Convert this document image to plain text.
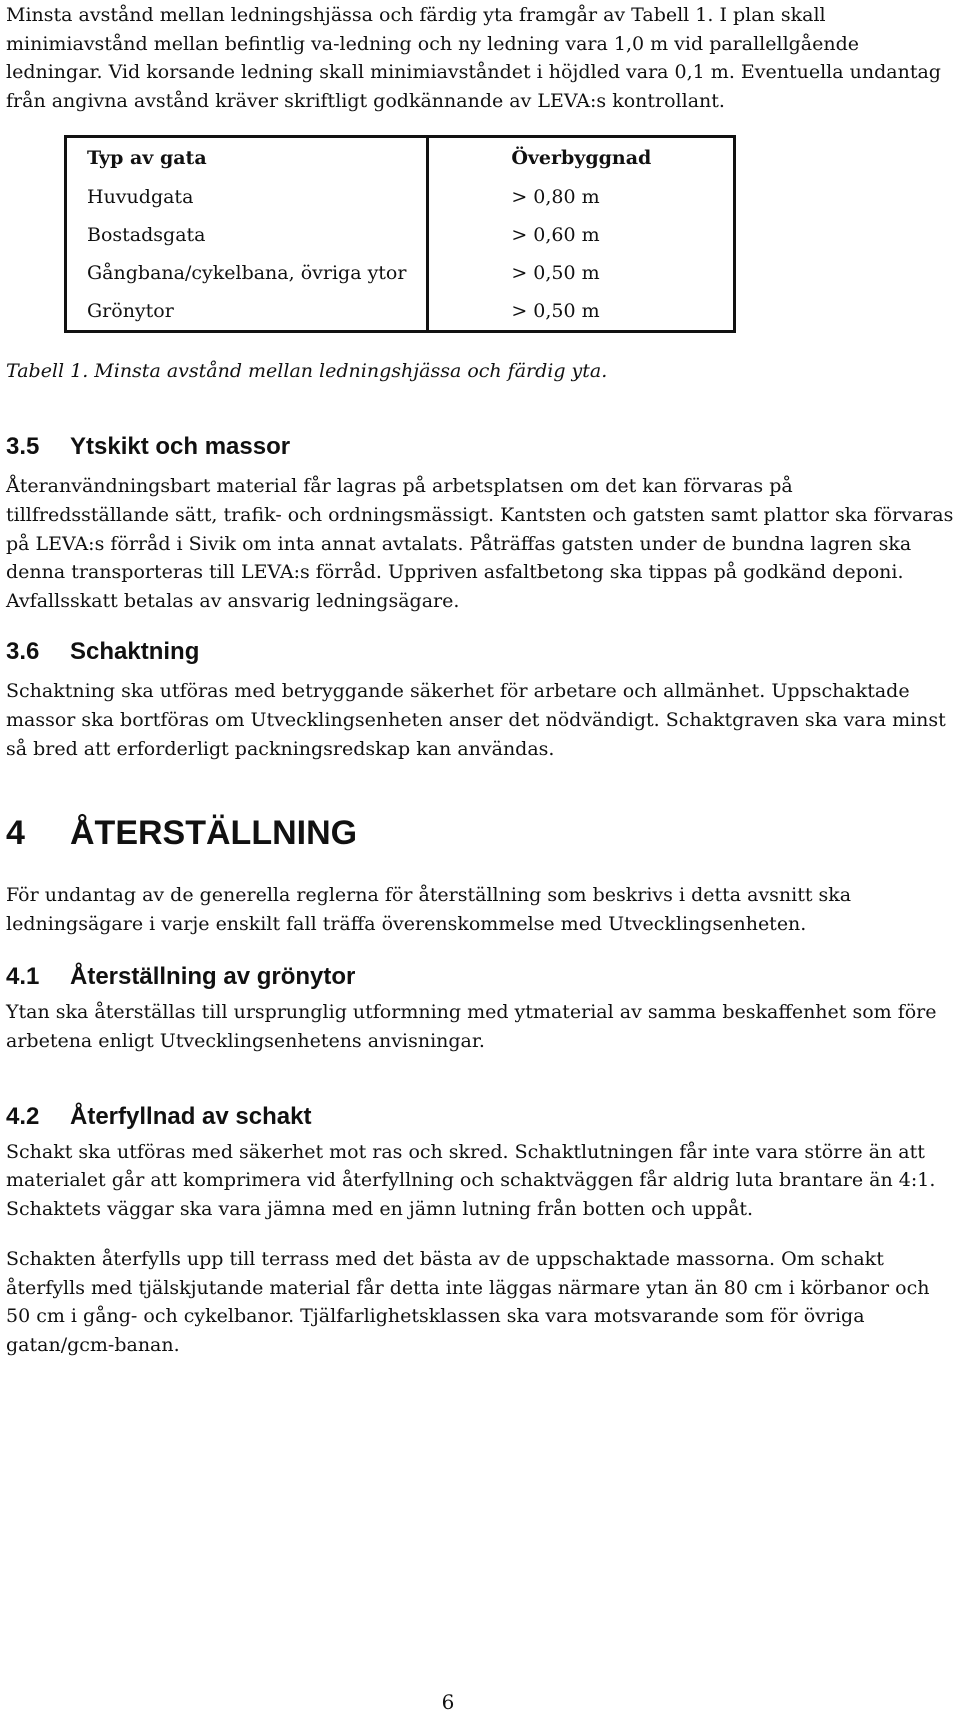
Minsta avstånd mellan ledningshjässa och färdig yta framgår av Tabell 1. I plan skall minimiavstånd mellan befintlig va-ledning och ny ledning vara 1,0 m vid parallellgående ledningar. Vid korsande ledning skall minimiavståndet i höjdled vara 0,1 m. Eventuella undantag från angivna avstånd kräver skriftligt godkännande av LEVA:s kontrollant.

Typ av gata	Överbyggnad
Huvudgata	> 0,80 m
Bostadsgata	> 0,60 m
Gångbana/cykelbana, övriga ytor	> 0,50 m
Grönytor	> 0,50 m

Tabell 1. Minsta avstånd mellan ledningshjässa och färdig yta.

3.5 Ytskikt och massor

Återanvändningsbart material får lagras på arbetsplatsen om det kan förvaras på tillfredsställande sätt, trafik- och ordningsmässigt. Kantsten och gatsten samt plattor ska förvaras på LEVA:s förråd i Sivik om inta annat avtalats. Påträffas gatsten under de bundna lagren ska denna transporteras till LEVA:s förråd. Uppriven asfaltbetong ska tippas på godkänd deponi. Avfallsskatt betalas av ansvarig ledningsägare.

3.6 Schaktning

Schaktning ska utföras med betryggande säkerhet för arbetare och allmänhet. Uppschaktade massor ska bortföras om Utvecklingsenheten anser det nödvändigt. Schaktgraven ska vara minst så bred att erforderligt packningsredskap kan användas.

4 ÅTERSTÄLLNING

För undantag av de generella reglerna för återställning som beskrivs i detta avsnitt ska ledningsägare i varje enskilt fall träffa överenskommelse med Utvecklingsenheten.

4.1 Återställning av grönytor

Ytan ska återställas till ursprunglig utformning med ytmaterial av samma beskaffenhet som före arbetena enligt Utvecklingsenhetens anvisningar.

4.2 Återfyllnad av schakt

Schakt ska utföras med säkerhet mot ras och skred. Schaktlutningen får inte vara större än att materialet går att komprimera vid återfyllning och schaktväggen får aldrig luta brantare än 4:1. Schaktets väggar ska vara jämna med en jämn lutning från botten och uppåt.

Schakten återfylls upp till terrass med det bästa av de uppschaktade massorna. Om schakt återfylls med tjälskjutande material får detta inte läggas närmare ytan än 80 cm i körbanor och 50 cm i gång- och cykelbanor. Tjälfarlighetsklassen ska vara motsvarande som för övriga gatan/gcm-banan.

6
